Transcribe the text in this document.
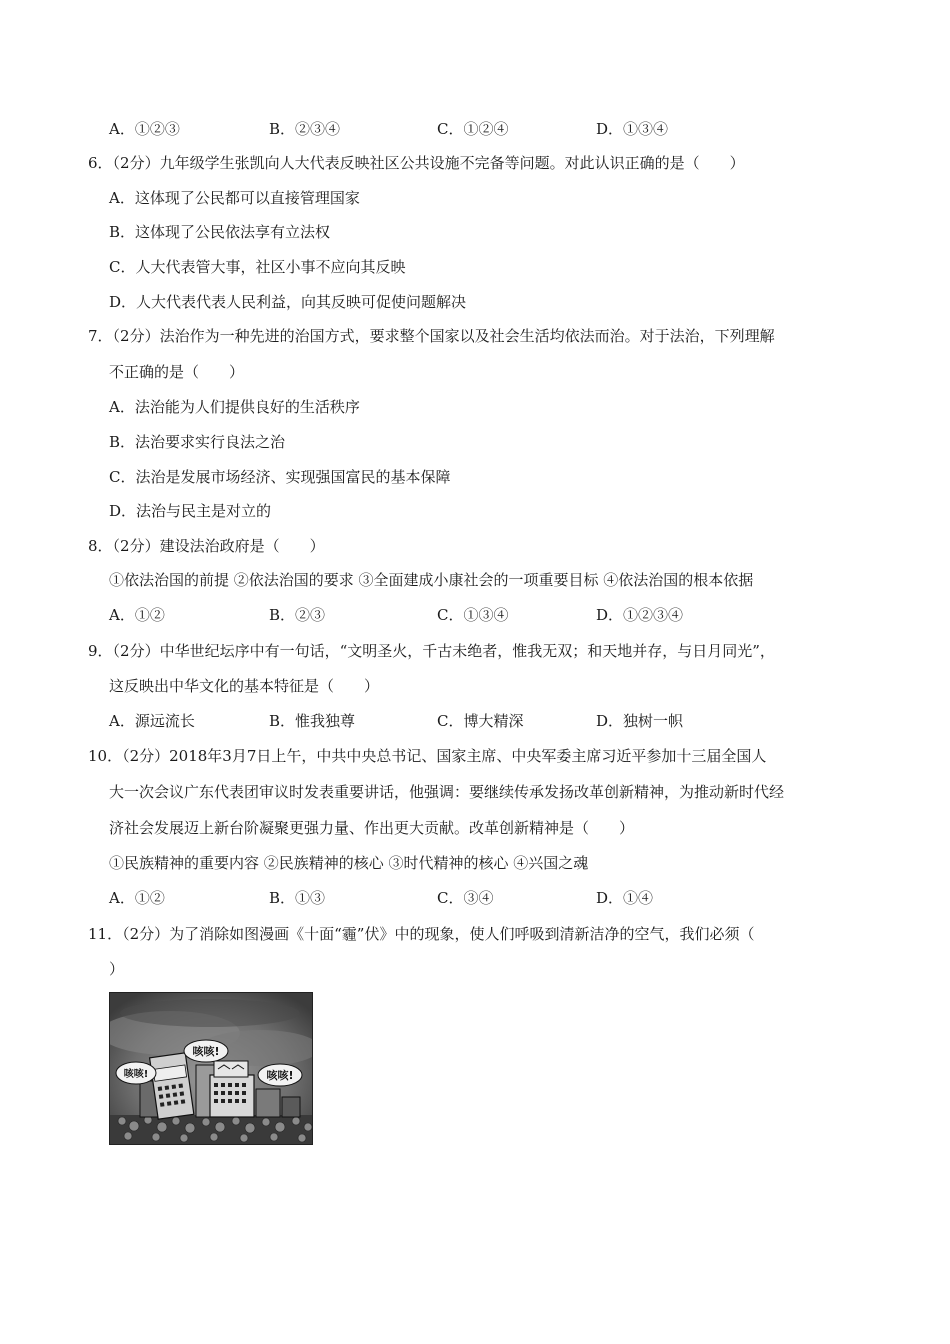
A．①②③	B．②③④	C．①②④	D．①③④
6．（2分）九年级学生张凯向人大代表反映社区公共设施不完备等问题。对此认识正确的是（　　）
A．这体现了公民都可以直接管理国家
B．这体现了公民依法享有立法权
C．人大代表管大事，社区小事不应向其反映
D．人大代表代表人民利益，向其反映可促使问题解决
7．（2分）法治作为一种先进的治国方式，要求整个国家以及社会生活均依法而治。对于法治，下列理解
不正确的是（　　）
A．法治能为人们提供良好的生活秩序
B．法治要求实行良法之治
C．法治是发展市场经济、实现强国富民的基本保障
D．法治与民主是对立的
8．（2分）建设法治政府是（　　）
①依法治国的前提 ②依法治国的要求 ③全面建成小康社会的一项重要目标 ④依法治国的根本依据
A．①②	B．②③	C．①③④	D．①②③④
9．（2分）中华世纪坛序中有一句话，“文明圣火，千古未绝者，惟我无双；和天地并存，与日月同光”，
这反映出中华文化的基本特征是（　　）
A．源远流长	B．惟我独尊	C．博大精深	D．独树一帜
10．（2分）2018年3月7日上午，中共中央总书记、国家主席、中央军委主席习近平参加十三届全国人
大一次会议广东代表团审议时发表重要讲话，他强调：要继续传承发扬改革创新精神，为推动新时代经
济社会发展迈上新台阶凝聚更强力量、作出更大贡献。改革创新精神是（　　）
①民族精神的重要内容 ②民族精神的核心 ③时代精神的核心 ④兴国之魂
A．①②	B．①③	C．③④	D．①④
11．（2分）为了消除如图漫画《十面“霾”伏》中的现象，使人们呼吸到清新洁净的空气，我们必须（
）
咳咳!
咳咳!	咳咳!
